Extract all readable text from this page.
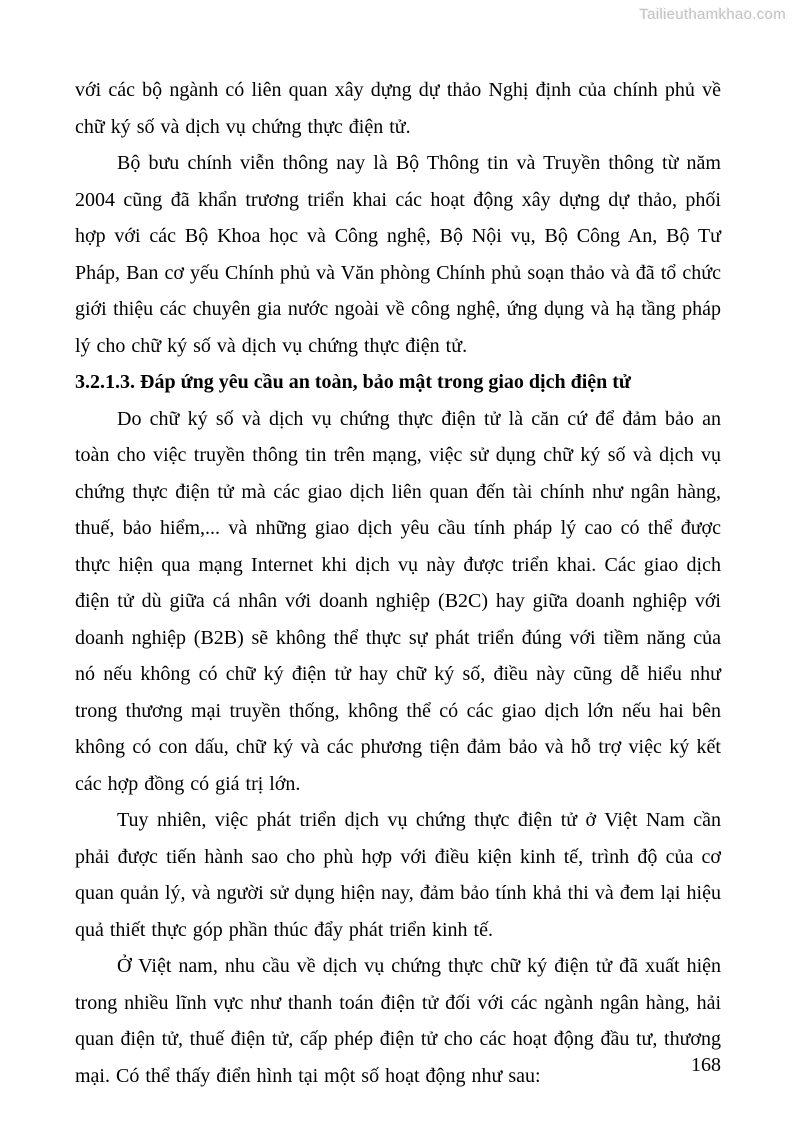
Tailieuthamkhao.com

với các bộ ngành có liên quan xây dựng dự thảo Nghị định của chính phủ về chữ ký số và dịch vụ chứng thực điện tử.

Bộ bưu chính viễn thông nay là Bộ Thông tin và Truyền thông từ năm 2004 cũng đã khẩn trương triển khai các hoạt động xây dựng dự thảo, phối hợp với các Bộ Khoa học và Công nghệ, Bộ Nội vụ, Bộ Công An, Bộ Tư Pháp, Ban cơ yếu Chính phủ và Văn phòng Chính phủ soạn thảo và đã tổ chức giới thiệu các chuyên gia nước ngoài về công nghệ, ứng dụng và hạ tầng pháp lý cho chữ ký số và dịch vụ chứng thực điện tử.

3.2.1.3. Đáp ứng yêu cầu an toàn, bảo mật trong giao dịch điện tử

Do chữ ký số và dịch vụ chứng thực điện tử là căn cứ để đảm bảo an toàn cho việc truyền thông tin trên mạng, việc sử dụng chữ ký số và dịch vụ chứng thực điện tử mà các giao dịch liên quan đến tài chính như ngân hàng, thuế, bảo hiểm,... và những giao dịch yêu cầu tính pháp lý cao có thể được thực hiện qua mạng Internet khi dịch vụ này được triển khai. Các giao dịch điện tử dù giữa cá nhân với doanh nghiệp (B2C) hay giữa doanh nghiệp với doanh nghiệp (B2B) sẽ không thể thực sự phát triển đúng với tiềm năng của nó nếu không có chữ ký điện tử hay chữ ký số, điều này cũng dễ hiểu như trong thương mại truyền thống, không thể có các giao dịch lớn nếu hai bên không có con dấu, chữ ký và các phương tiện đảm bảo và hỗ trợ việc ký kết các hợp đồng có giá trị lớn.

Tuy nhiên, việc phát triển dịch vụ chứng thực điện tử ở Việt Nam cần phải được tiến hành sao cho phù hợp với điều kiện kinh tế, trình độ của cơ quan quản lý, và người sử dụng hiện nay, đảm bảo tính khả thi và đem lại hiệu quả thiết thực góp phần thúc đẩy phát triển kinh tế.

Ở Việt nam, nhu cầu về dịch vụ chứng thực chữ ký điện tử đã xuất hiện trong nhiều lĩnh vực như thanh toán điện tử đối với các ngành ngân hàng, hải quan điện tử, thuế điện tử, cấp phép điện tử cho các hoạt động đầu tư, thương mại. Có thể thấy điển hình tại một số hoạt động như sau:	168
